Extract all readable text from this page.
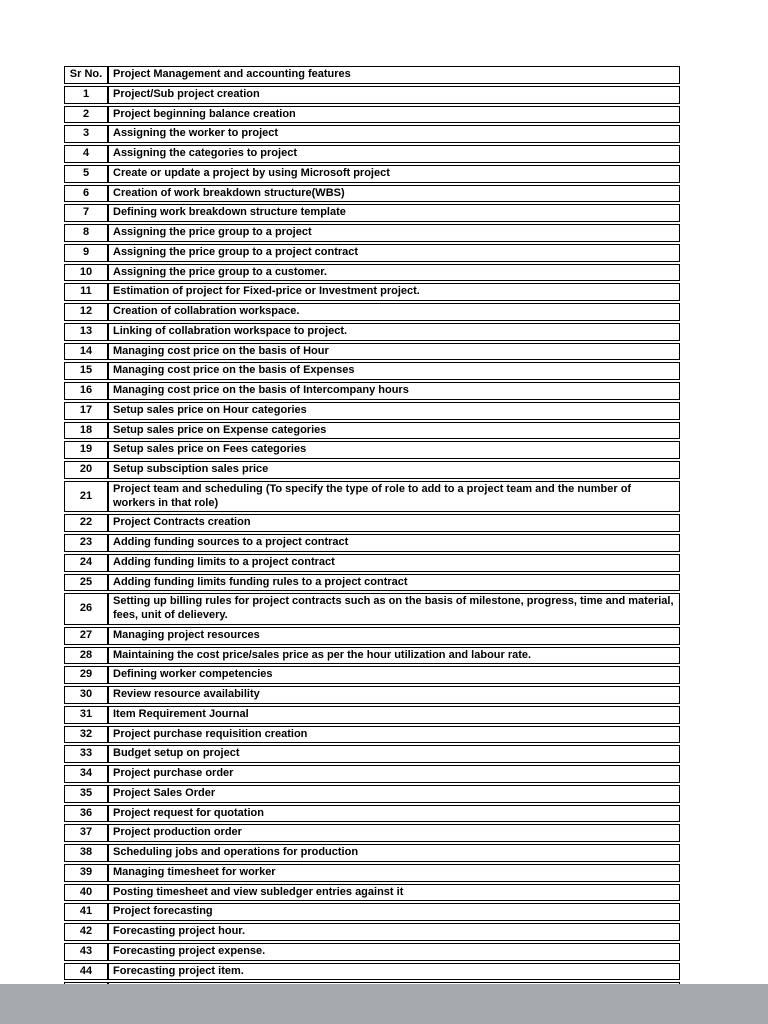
Sr No.	Project Management and accounting features
1	Project/Sub project creation
2	Project beginning balance creation
3	Assigning the worker to project
4	Assigning the categories to project
5	Create or update a project by using Microsoft project
6	Creation of work breakdown structure(WBS)
7	Defining work breakdown structure template
8	Assigning the price group to a project
9	Assigning the price group to a project contract
10	Assigning the price group to a customer.
11	Estimation of project for Fixed-price or Investment project.
12	Creation of collabration workspace.
13	Linking of collabration workspace to project.
14	Managing cost price on the basis of Hour
15	Managing cost price on the basis of Expenses
16	Managing cost price on the basis of Intercompany hours
17	Setup sales price on Hour categories
18	Setup sales price on Expense categories
19	Setup sales price on Fees categories
20	Setup subsciption sales price
21	Project team and scheduling (To specify the type of role to add to a project team and the number of workers in that role)
22	Project Contracts creation
23	Adding funding sources to a project contract
24	Adding funding limits to a project contract
25	Adding funding limits funding rules to a project contract
26	Setting up billing rules for project contracts such as on the basis of milestone, progress, time and material, fees, unit of delievery.
27	Managing project resources
28	Maintaining the cost price/sales price as per the hour utilization and labour rate.
29	Defining worker competencies
30	Review resource availability
31	Item Requirement Journal
32	Project purchase requisition creation
33	Budget setup on project
34	Project purchase order
35	Project Sales Order
36	Project request for quotation
37	Project production order
38	Scheduling jobs and operations for production
39	Managing timesheet for worker
40	Posting timesheet and view subledger entries against it
41	Project forecasting
42	Forecasting project hour.
43	Forecasting project expense.
44	Forecasting project item.
